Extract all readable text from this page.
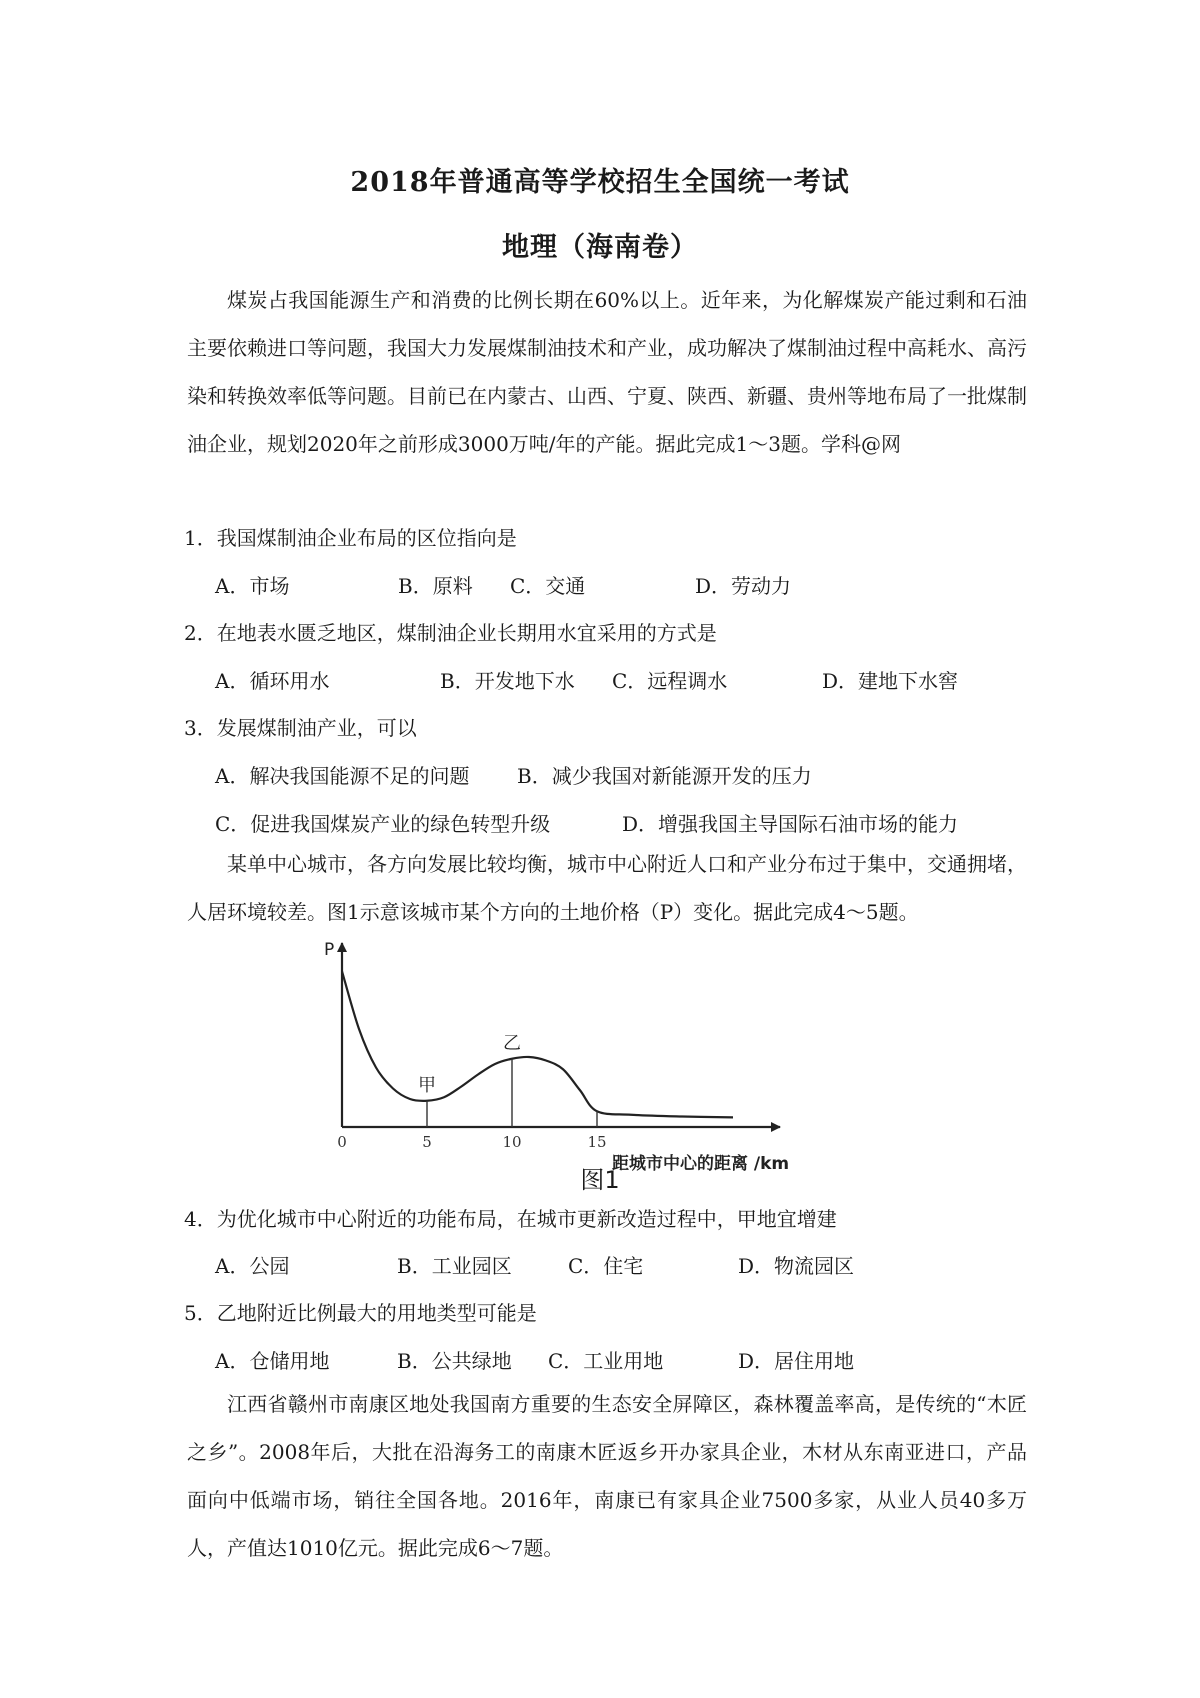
2018年普通高等学校招生全国统一考试
地理（海南卷）

煤炭占我国能源生产和消费的比例长期在60%以上。近年来，为化解煤炭产能过剩和石油主要依赖进口等问题，我国大力发展煤制油技术和产业，成功解决了煤制油过程中高耗水、高污染和转换效率低等问题。目前已在内蒙古、山西、宁夏、陕西、新疆、贵州等地布局了一批煤制油企业，规划2020年之前形成3000万吨/年的产能。据此完成1～3题。学科@网

1．我国煤制油企业布局的区位指向是
A．市场	B．原料 C．交通	D．劳动力
2．在地表水匮乏地区，煤制油企业长期用水宜采用的方式是
A．循环用水	B．开发地下水 C．远程调水	D．建地下水窖
3．发展煤制油产业，可以
A．解决我国能源不足的问题 B．减少我国对新能源开发的压力
C．促进我国煤炭产业的绿色转型升级	D．增强我国主导国际石油市场的能力

某单中心城市，各方向发展比较均衡，城市中心附近人口和产业分布过于集中，交通拥堵，人居环境较差。图1示意该城市某个方向的土地价格（P）变化。据此完成4～5题。

P
距城市中心的距离 /km
0	5	10	15
甲
乙
图1
4．为优化城市中心附近的功能布局，在城市更新改造过程中，甲地宜增建
A．公园	B．工业园区	C．住宅	D．物流园区
5．乙地附近比例最大的用地类型可能是
A．仓储用地	B．公共绿地 C．工业用地	D．居住用地

江西省赣州市南康区地处我国南方重要的生态安全屏障区，森林覆盖率高，是传统的“木匠之乡”。2008年后，大批在沿海务工的南康木匠返乡开办家具企业，木材从东南亚进口，产品面向中低端市场，销往全国各地。2016年，南康已有家具企业7500多家，从业人员40多万人，产值达1010亿元。据此完成6～7题。
